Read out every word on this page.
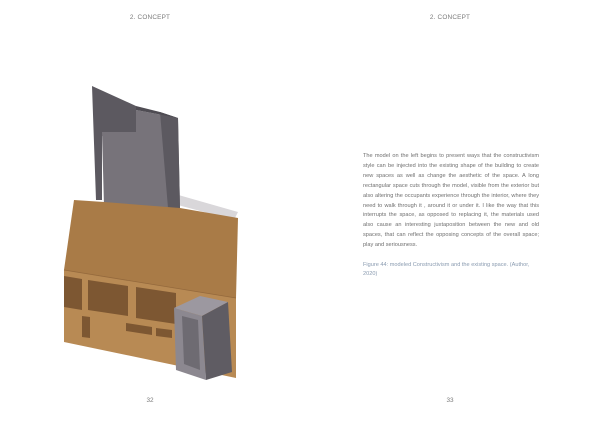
2. CONCEPT
32
2. CONCEPT

The model on the left begins to present ways that the constructivism style can be injected into the existing shape of the building to create new spaces as well as change the aesthetic of the space. A long rectangular space cuts through the model, visible from the exterior but also altering the occupants experience through the interior, where they need to walk through it , around it or under it. I like the way that this interrupts the space, as opposed to replacing it, the materials used also cause an interesting juxtaposition between the new and old spaces, that can reflect the opposing concepts of the overall space; play and seriousness.

Figure 44: modeled Constructivism and the existing space. (Author, 2020)

33
